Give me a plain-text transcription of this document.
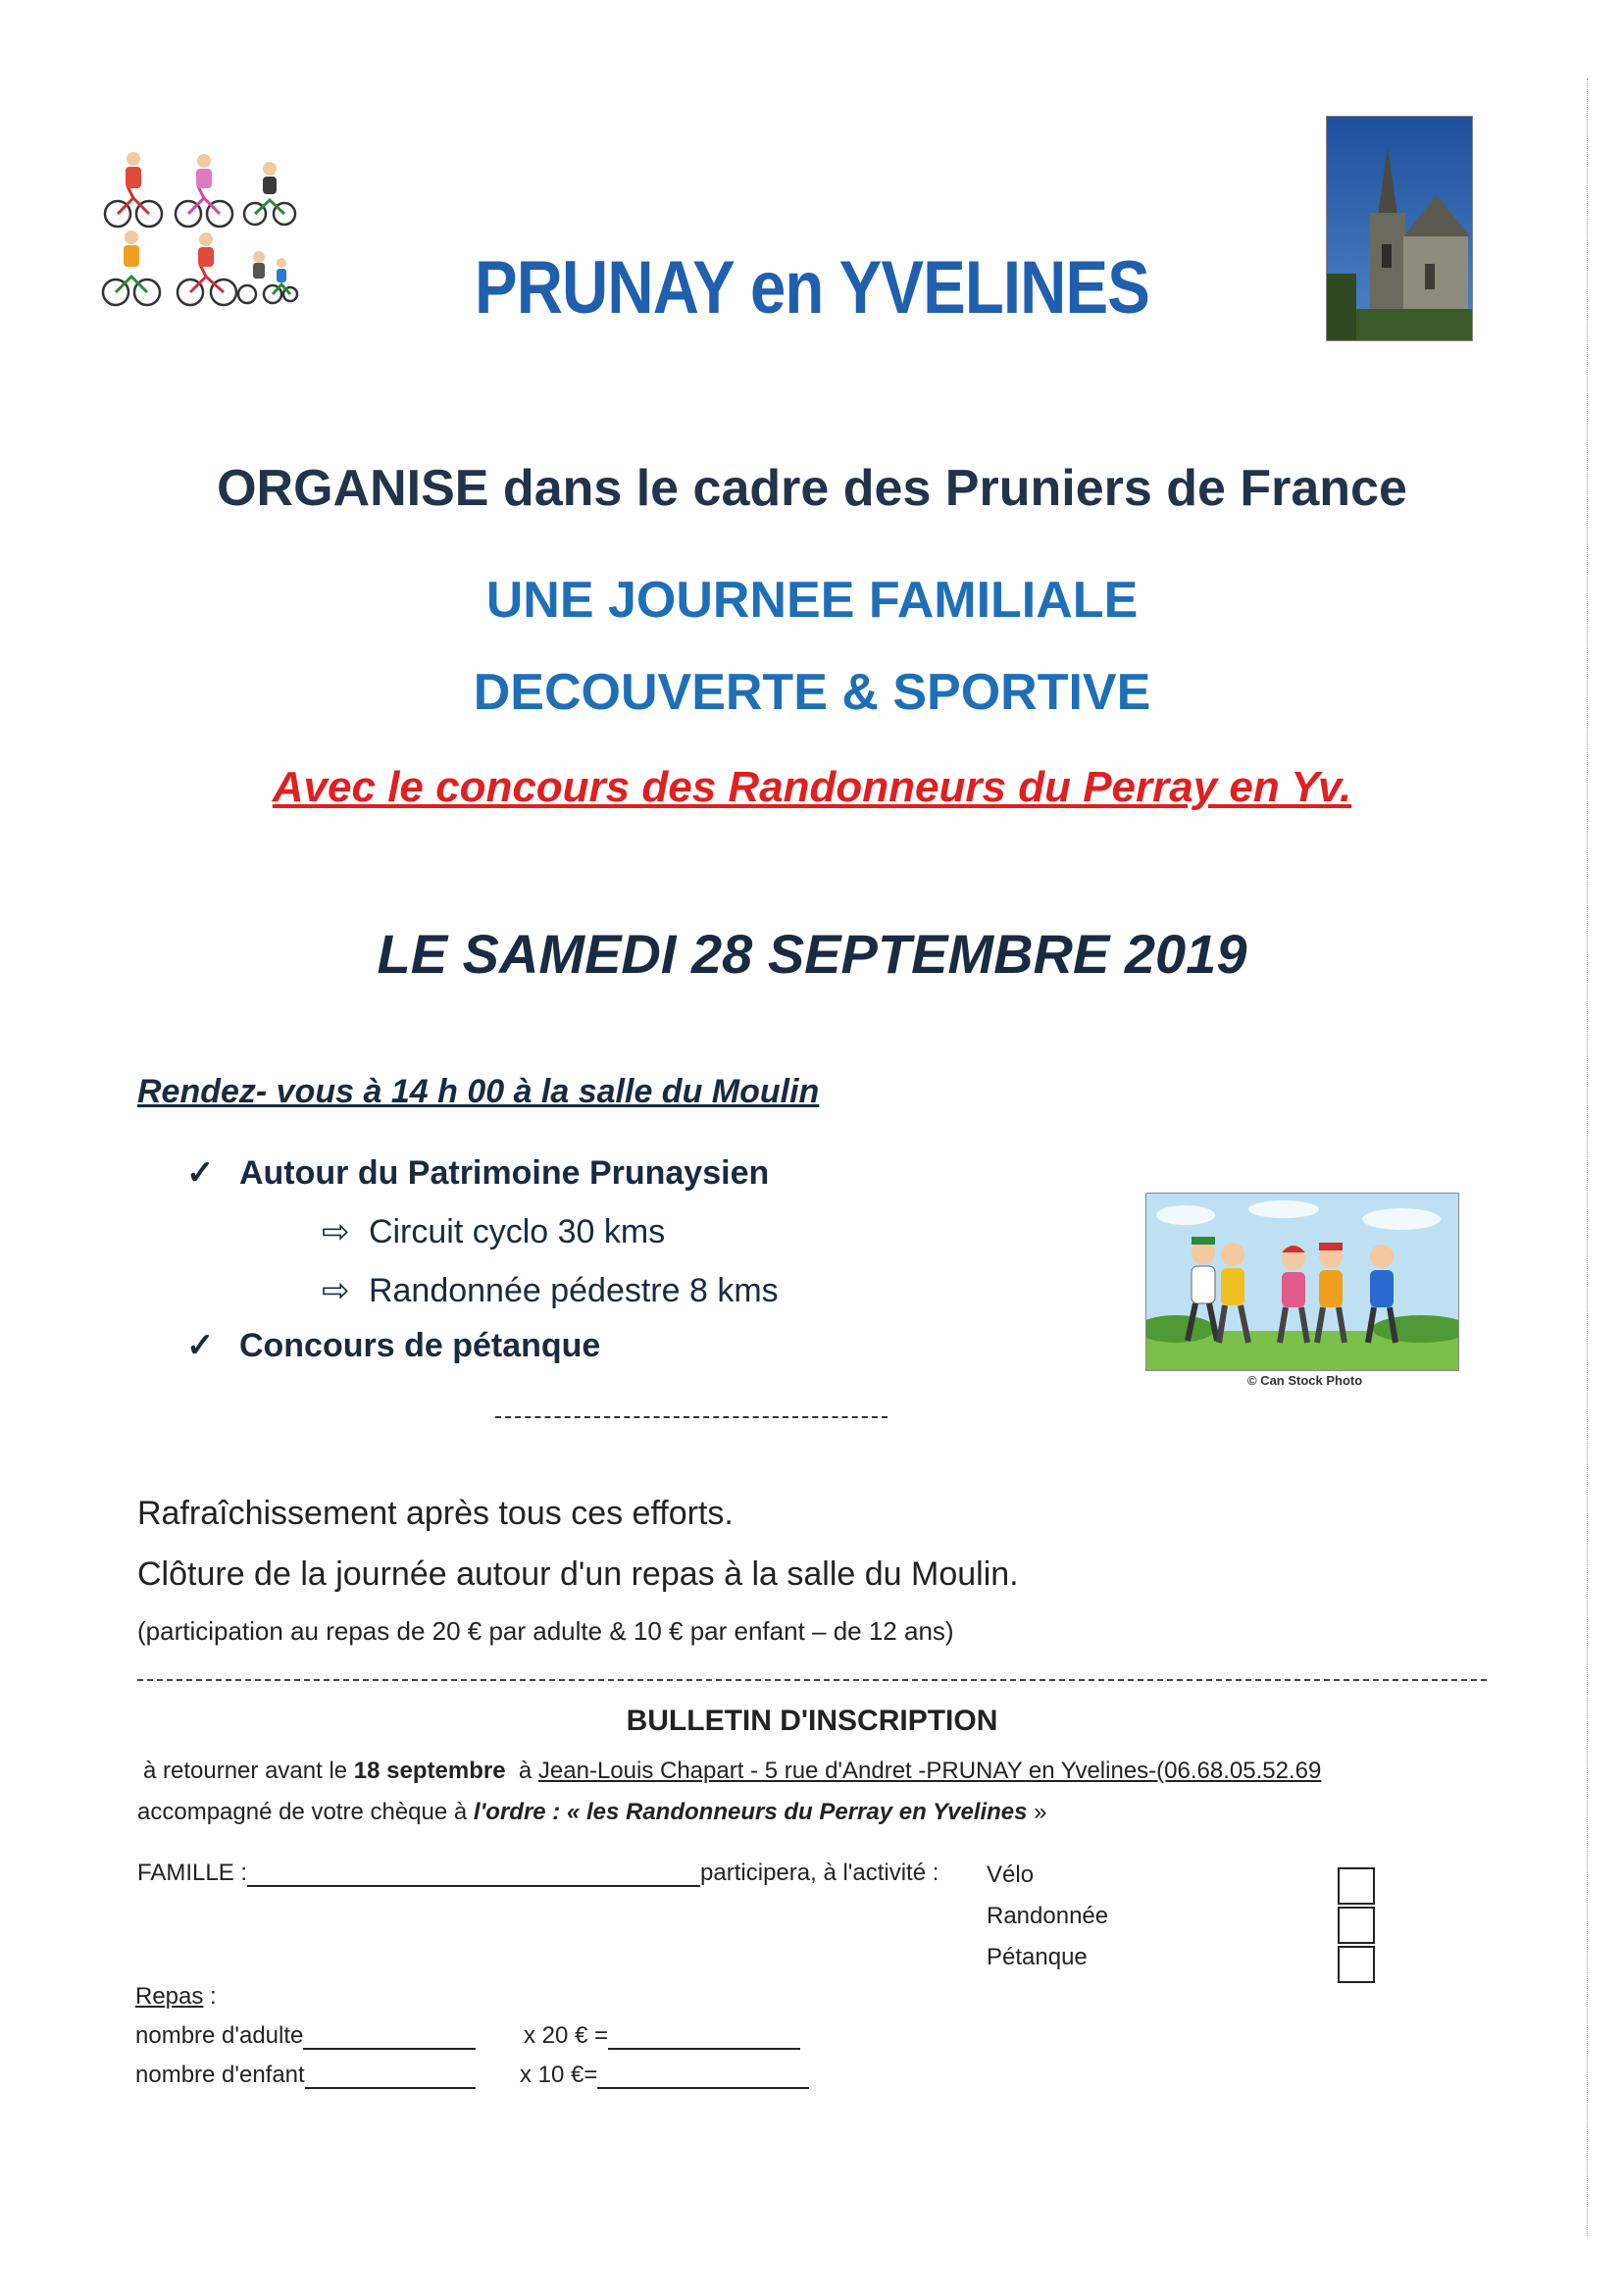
PRUNAY en YVELINES
ORGANISE dans le cadre des Pruniers de France
UNE JOURNEE FAMILIALE
DECOUVERTE & SPORTIVE
Avec le concours des Randonneurs du Perray en Yv.
LE SAMEDI 28 SEPTEMBRE 2019
Rendez- vous à 14 h 00 à la salle du Moulin
✓ Autour du Patrimoine Prunaysien
⇨ Circuit cyclo 30 kms
⇨ Randonnée pédestre 8 kms
✓ Concours de pétanque
© Can Stock Photo
Rafraîchissement après tous ces efforts.
Clôture de la journée autour d'un repas à la salle du Moulin.
(participation au repas de 20 € par adulte & 10 € par enfant – de 12 ans)
BULLETIN D'INSCRIPTION
à retourner avant le 18 septembre  à Jean-Louis Chapart - 5 rue d'Andret -PRUNAY en Yvelines-(06.68.05.52.69
accompagné de votre chèque à l'ordre : « les Randonneurs du Perray en Yvelines »
FAMILLE :	participera, à l'activité : Vélo
Randonnée
Pétanque
Repas :
nombre d'adulte	x 20 € =
nombre d'enfant	x 10 €=
